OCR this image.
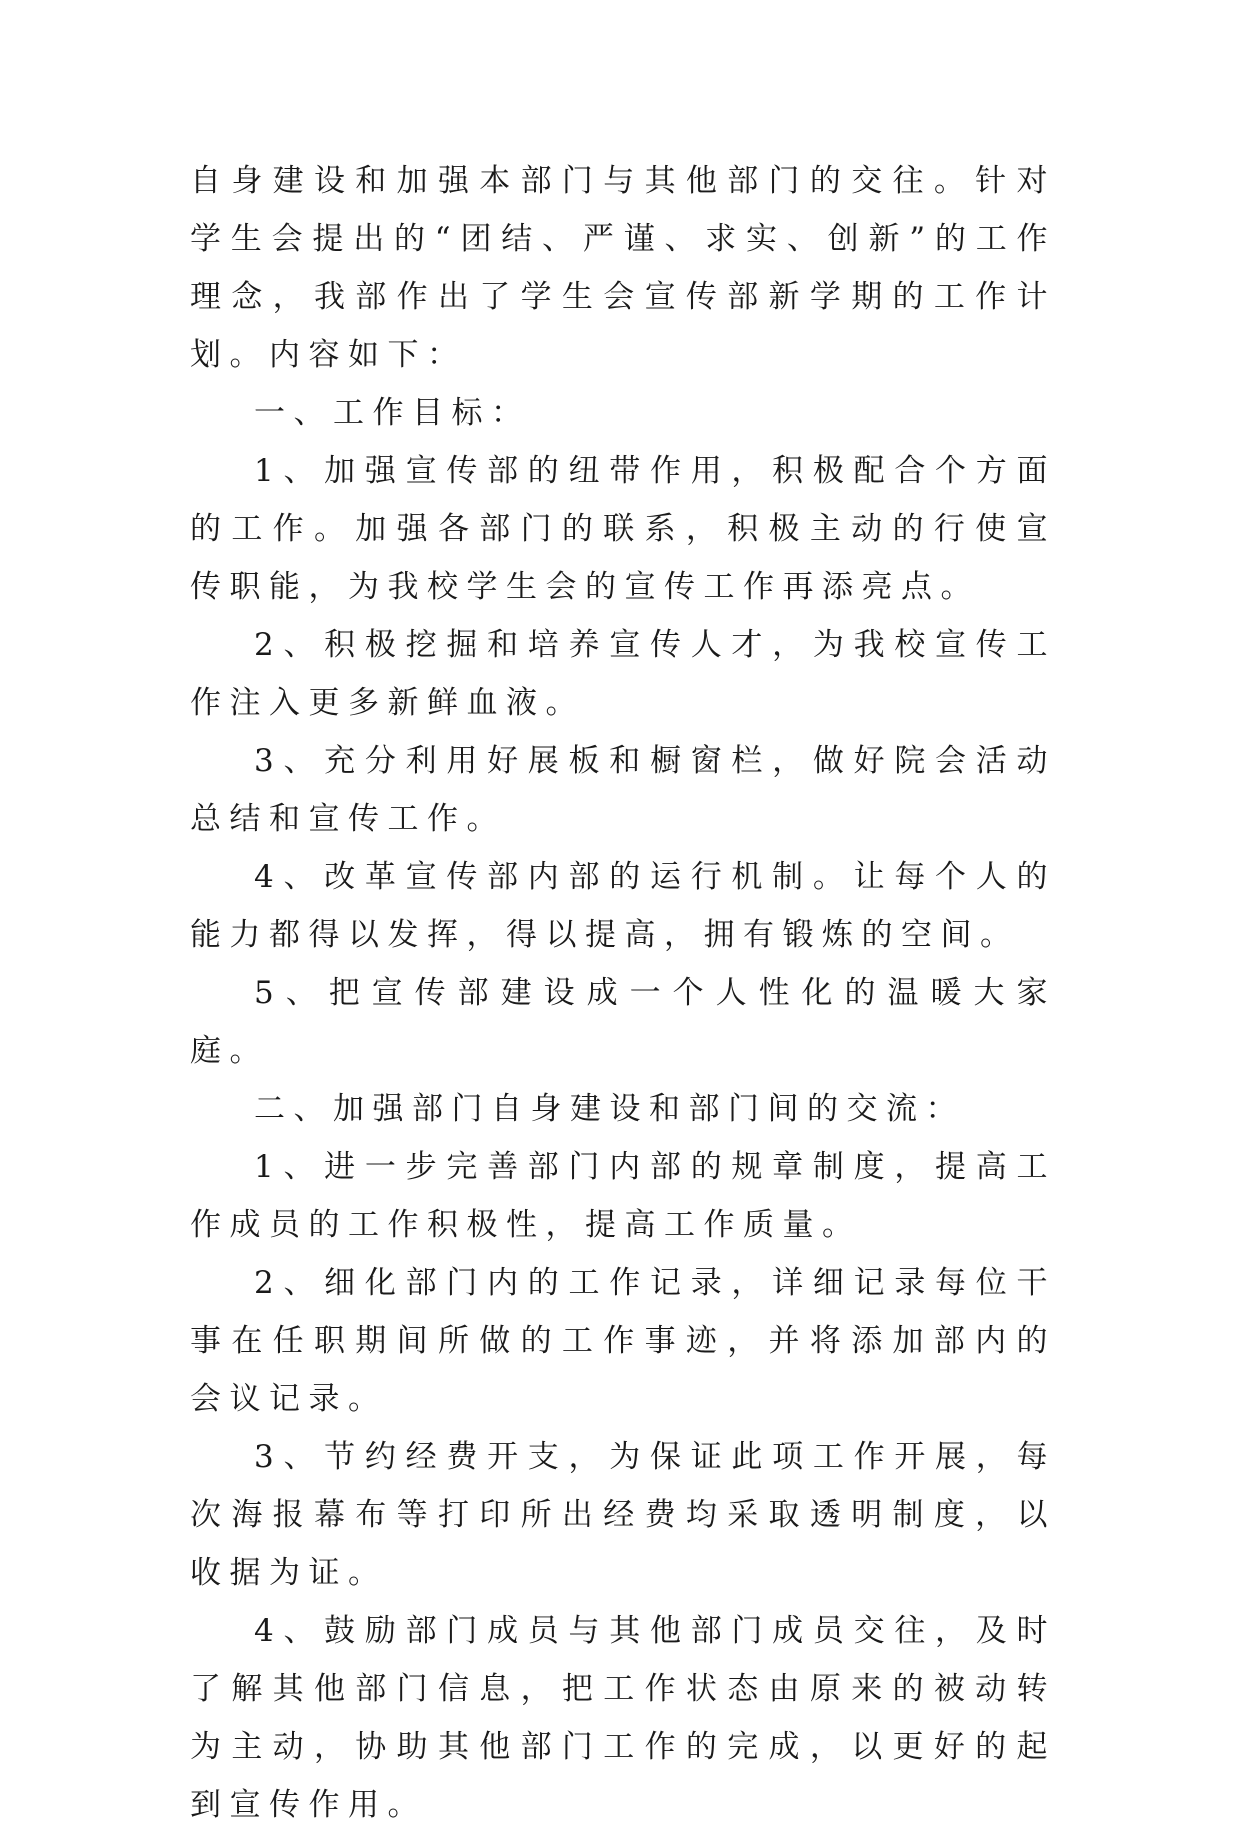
自身建设和加强本部门与其他部门的交往。针对学生会提出的“团结、严谨、求实、创新”的工作理念，我部作出了学生会宣传部新学期的工作计划。内容如下：

一、工作目标：

1、加强宣传部的纽带作用，积极配合个方面的工作。加强各部门的联系，积极主动的行使宣传职能，为我校学生会的宣传工作再添亮点。

2、积极挖掘和培养宣传人才，为我校宣传工作注入更多新鲜血液。

3、充分利用好展板和橱窗栏，做好院会活动总结和宣传工作。

4、改革宣传部内部的运行机制。让每个人的能力都得以发挥，得以提高，拥有锻炼的空间。

5、把宣传部建设成一个人性化的温暖大家庭。

二、加强部门自身建设和部门间的交流：

1、进一步完善部门内部的规章制度，提高工作成员的工作积极性，提高工作质量。

2、细化部门内的工作记录，详细记录每位干事在任职期间所做的工作事迹，并将添加部内的会议记录。

3、节约经费开支，为保证此项工作开展，每次海报幕布等打印所出经费均采取透明制度，以收据为证。

4、鼓励部门成员与其他部门成员交往，及时了解其他部门信息，把工作状态由原来的被动转为主动，协助其他部门工作的完成，以更好的起到宣传作用。
